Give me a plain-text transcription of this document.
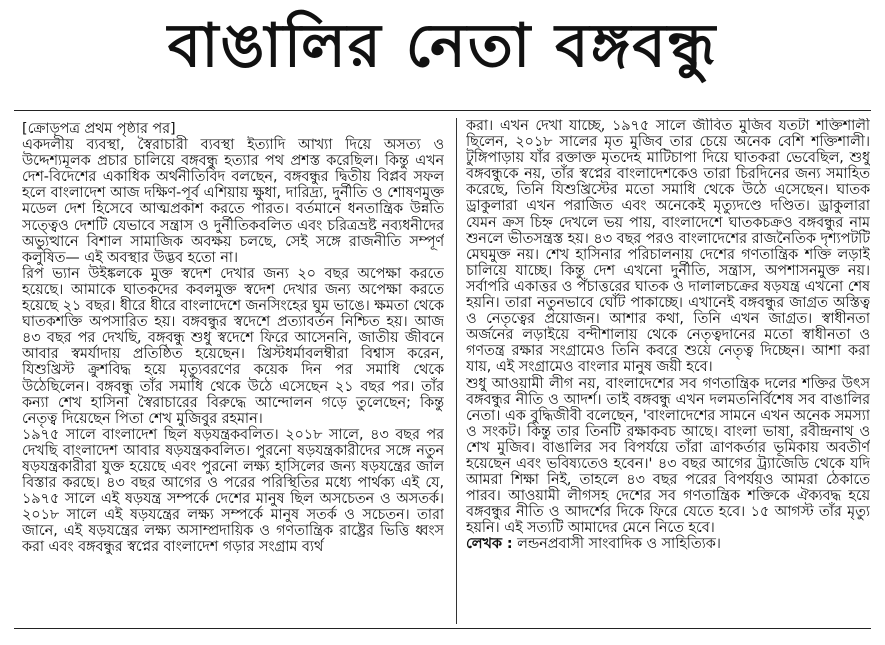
বাঙালির নেতা বঙ্গবন্ধু

[ক্রোড়পত্র প্রথম পৃষ্ঠার পর]

একদলীয় ব্যবস্থা, স্বৈরাচারী ব্যবস্থা ইত্যাদি আখ্যা দিয়ে অসত্য ও উদ্দেশ্যমূলক প্রচার চালিয়ে বঙ্গবন্ধু হত্যার পথ প্রশস্ত করেছিল। কিন্তু এখন দেশ-বিদেশের একাধিক অর্থনীতিবিদ বলছেন, বঙ্গবন্ধুর দ্বিতীয় বিপ্লব সফল হলে বাংলাদেশ আজ দক্ষিণ-পূর্ব এশিয়ায় ক্ষুধা, দারিদ্র্য, দুর্নীতি ও শোষণমুক্ত মডেল দেশ হিসেবে আত্মপ্রকাশ করতে পারত। বর্তমানে ধনতান্ত্রিক উন্নতি সত্ত্বেও দেশটি যেভাবে সন্ত্রাস ও দুর্নীতিকবলিত এবং চরিত্রভ্রষ্ট নব্যধনীদের অভ্যুত্থানে বিশাল সামাজিক অবক্ষয় চলছে, সেই সঙ্গে রাজনীতি সম্পূর্ণ কলুষিত— এই অবস্থার উদ্ভব হতো না।

রিপ ভ্যান উইঙ্কলকে মুক্ত স্বদেশ দেখার জন্য ২০ বছর অপেক্ষা করতে হয়েছে। আমাকে ঘাতকদের কবলমুক্ত স্বদেশ দেখার জন্য অপেক্ষা করতে হয়েছে ২১ বছর। ধীরে ধীরে বাংলাদেশে জনসিংহের ঘুম ভাঙে। ক্ষমতা থেকে ঘাতকশক্তি অপসারিত হয়। বঙ্গবন্ধুর স্বদেশে প্রত্যাবর্তন নিশ্চিত হয়। আজ ৪৩ বছর পর দেখছি, বঙ্গবন্ধু শুধু স্বদেশে ফিরে আসেননি, জাতীয় জীবনে আবার স্বমর্যাদায় প্রতিষ্ঠিত হয়েছেন। খ্রিস্টধর্মাবলম্বীরা বিশ্বাস করেন, যিশুখ্রিস্ট ক্রুশবিদ্ধ হয়ে মৃত্যুবরণের কয়েক দিন পর সমাধি থেকে উঠেছিলেন। বঙ্গবন্ধু তাঁর সমাধি থেকে উঠে এসেছেন ২১ বছর পর। তাঁর কন্যা শেখ হাসিনা স্বৈরাচারের বিরুদ্ধে আন্দোলন গড়ে তুলেছেন; কিন্তু নেতৃত্ব দিয়েছেন পিতা শেখ মুজিবুর রহমান।

১৯৭৫ সালে বাংলাদেশ ছিল ষড়যন্ত্রকবলিত। ২০১৮ সালে, ৪৩ বছর পর দেখছি বাংলাদেশ আবার ষড়যন্ত্রকবলিত। পুরনো ষড়যন্ত্রকারীদের সঙ্গে নতুন ষড়যন্ত্রকারীরা যুক্ত হয়েছে এবং পুরনো লক্ষ্য হাসিলের জন্য ষড়যন্ত্রের জাল বিস্তার করছে। ৪৩ বছর আগের ও পরের পরিস্থিতির মধ্যে পার্থক্য এই যে, ১৯৭৫ সালে এই ষড়যন্ত্র সম্পর্কে দেশের মানুষ ছিল অসচেতন ও অসতর্ক। ২০১৮ সালে এই ষড়যন্ত্রের লক্ষ্য সম্পর্কে মানুষ সতর্ক ও সচেতন। তারা জানে, এই ষড়যন্ত্রের লক্ষ্য অসাম্প্রদায়িক ও গণতান্ত্রিক রাষ্ট্রের ভিত্তি ধ্বংস করা এবং বঙ্গবন্ধুর স্বপ্নের বাংলাদেশ গড়ার সংগ্রাম ব্যর্থ

করা। এখন দেখা যাচ্ছে, ১৯৭৫ সালে জীবিত মুজিব যতটা শক্তিশালী ছিলেন, ২০১৮ সালের মৃত মুজিব তার চেয়ে অনেক বেশি শক্তিশালী। টুঙ্গিপাড়ায় যাঁর রক্তাক্ত মৃতদেহ মাটিচাপা দিয়ে ঘাতকরা ভেবেছিল, শুধু বঙ্গবন্ধুকে নয়, তাঁর স্বপ্নের বাংলাদেশকেও তারা চিরদিনের জন্য সমাহিত করেছে, তিনি যিশুখ্রিস্টের মতো সমাধি থেকে উঠে এসেছেন। ঘাতক ড্রাকুলারা এখন পরাজিত এবং অনেকেই মৃত্যুদণ্ডে দণ্ডিত। ড্রাকুলারা যেমন ক্রস চিহ্ন দেখলে ভয় পায়, বাংলাদেশে ঘাতকচক্রও বঙ্গবন্ধুর নাম শুনলে ভীতসন্ত্রস্ত হয়। ৪৩ বছর পরও বাংলাদেশের রাজনৈতিক দৃশ্যপটটি মেঘমুক্ত নয়। শেখ হাসিনার পরিচালনায় দেশের গণতান্ত্রিক শক্তি লড়াই চালিয়ে যাচ্ছে। কিন্তু দেশ এখনো দুর্নীতি, সন্ত্রাস, অপশাসনমুক্ত নয়। সর্বাপরি একাত্তর ও পঁচাত্তরের ঘাতক ও দালালচক্রের ষড়যন্ত্র এখনো শেষ হয়নি। তারা নতুনভাবে ঘোঁট পাকাচ্ছে। এখানেই বঙ্গবন্ধুর জাগ্রত অস্তিত্ব ও নেতৃত্বের প্রয়োজন। আশার কথা, তিনি এখন জাগ্রত। স্বাধীনতা অর্জনের লড়াইয়ে বন্দীশালায় থেকে নেতৃত্বদানের মতো স্বাধীনতা ও গণতন্ত্র রক্ষার সংগ্রামেও তিনি কবরে শুয়ে নেতৃত্ব দিচ্ছেন। আশা করা যায়, এই সংগ্রামেও বাংলার মানুষ জয়ী হবে।

শুধু আওয়ামী লীগ নয়, বাংলাদেশের সব গণতান্ত্রিক দলের শক্তির উৎস বঙ্গবন্ধুর নীতি ও আদর্শ। তাই বঙ্গবন্ধু এখন দলমতনির্বিশেষ সব বাঙালির নেতা। এক বুদ্ধিজীবী বলেছেন, 'বাংলাদেশের সামনে এখন অনেক সমস্যা ও সংকট। কিন্তু তার তিনটি রক্ষাকবচ আছে। বাংলা ভাষা, রবীন্দ্রনাথ ও শেখ মুজিব। বাঙালির সব বিপর্যয়ে তাঁরা ত্রাণকর্তার ভূমিকায় অবতীর্ণ হয়েছেন এবং ভবিষ্যতেও হবেন।' ৪৩ বছর আগের ট্র্যাজেডি থেকে যদি আমরা শিক্ষা নিই, তাহলে ৪৩ বছর পরের বিপর্যয়ও আমরা ঠেকাতে পারব। আওয়ামী লীগসহ দেশের সব গণতান্ত্রিক শক্তিকে ঐক্যবদ্ধ হয়ে বঙ্গবন্ধুর নীতি ও আদর্শের দিকে ফিরে যেতে হবে। ১৫ আগস্ট তাঁর মৃত্যু হয়নি। এই সত্যটি আমাদের মেনে নিতে হবে।

লেখক : লন্ডনপ্রবাসী সাংবাদিক ও সাহিত্যিক।
